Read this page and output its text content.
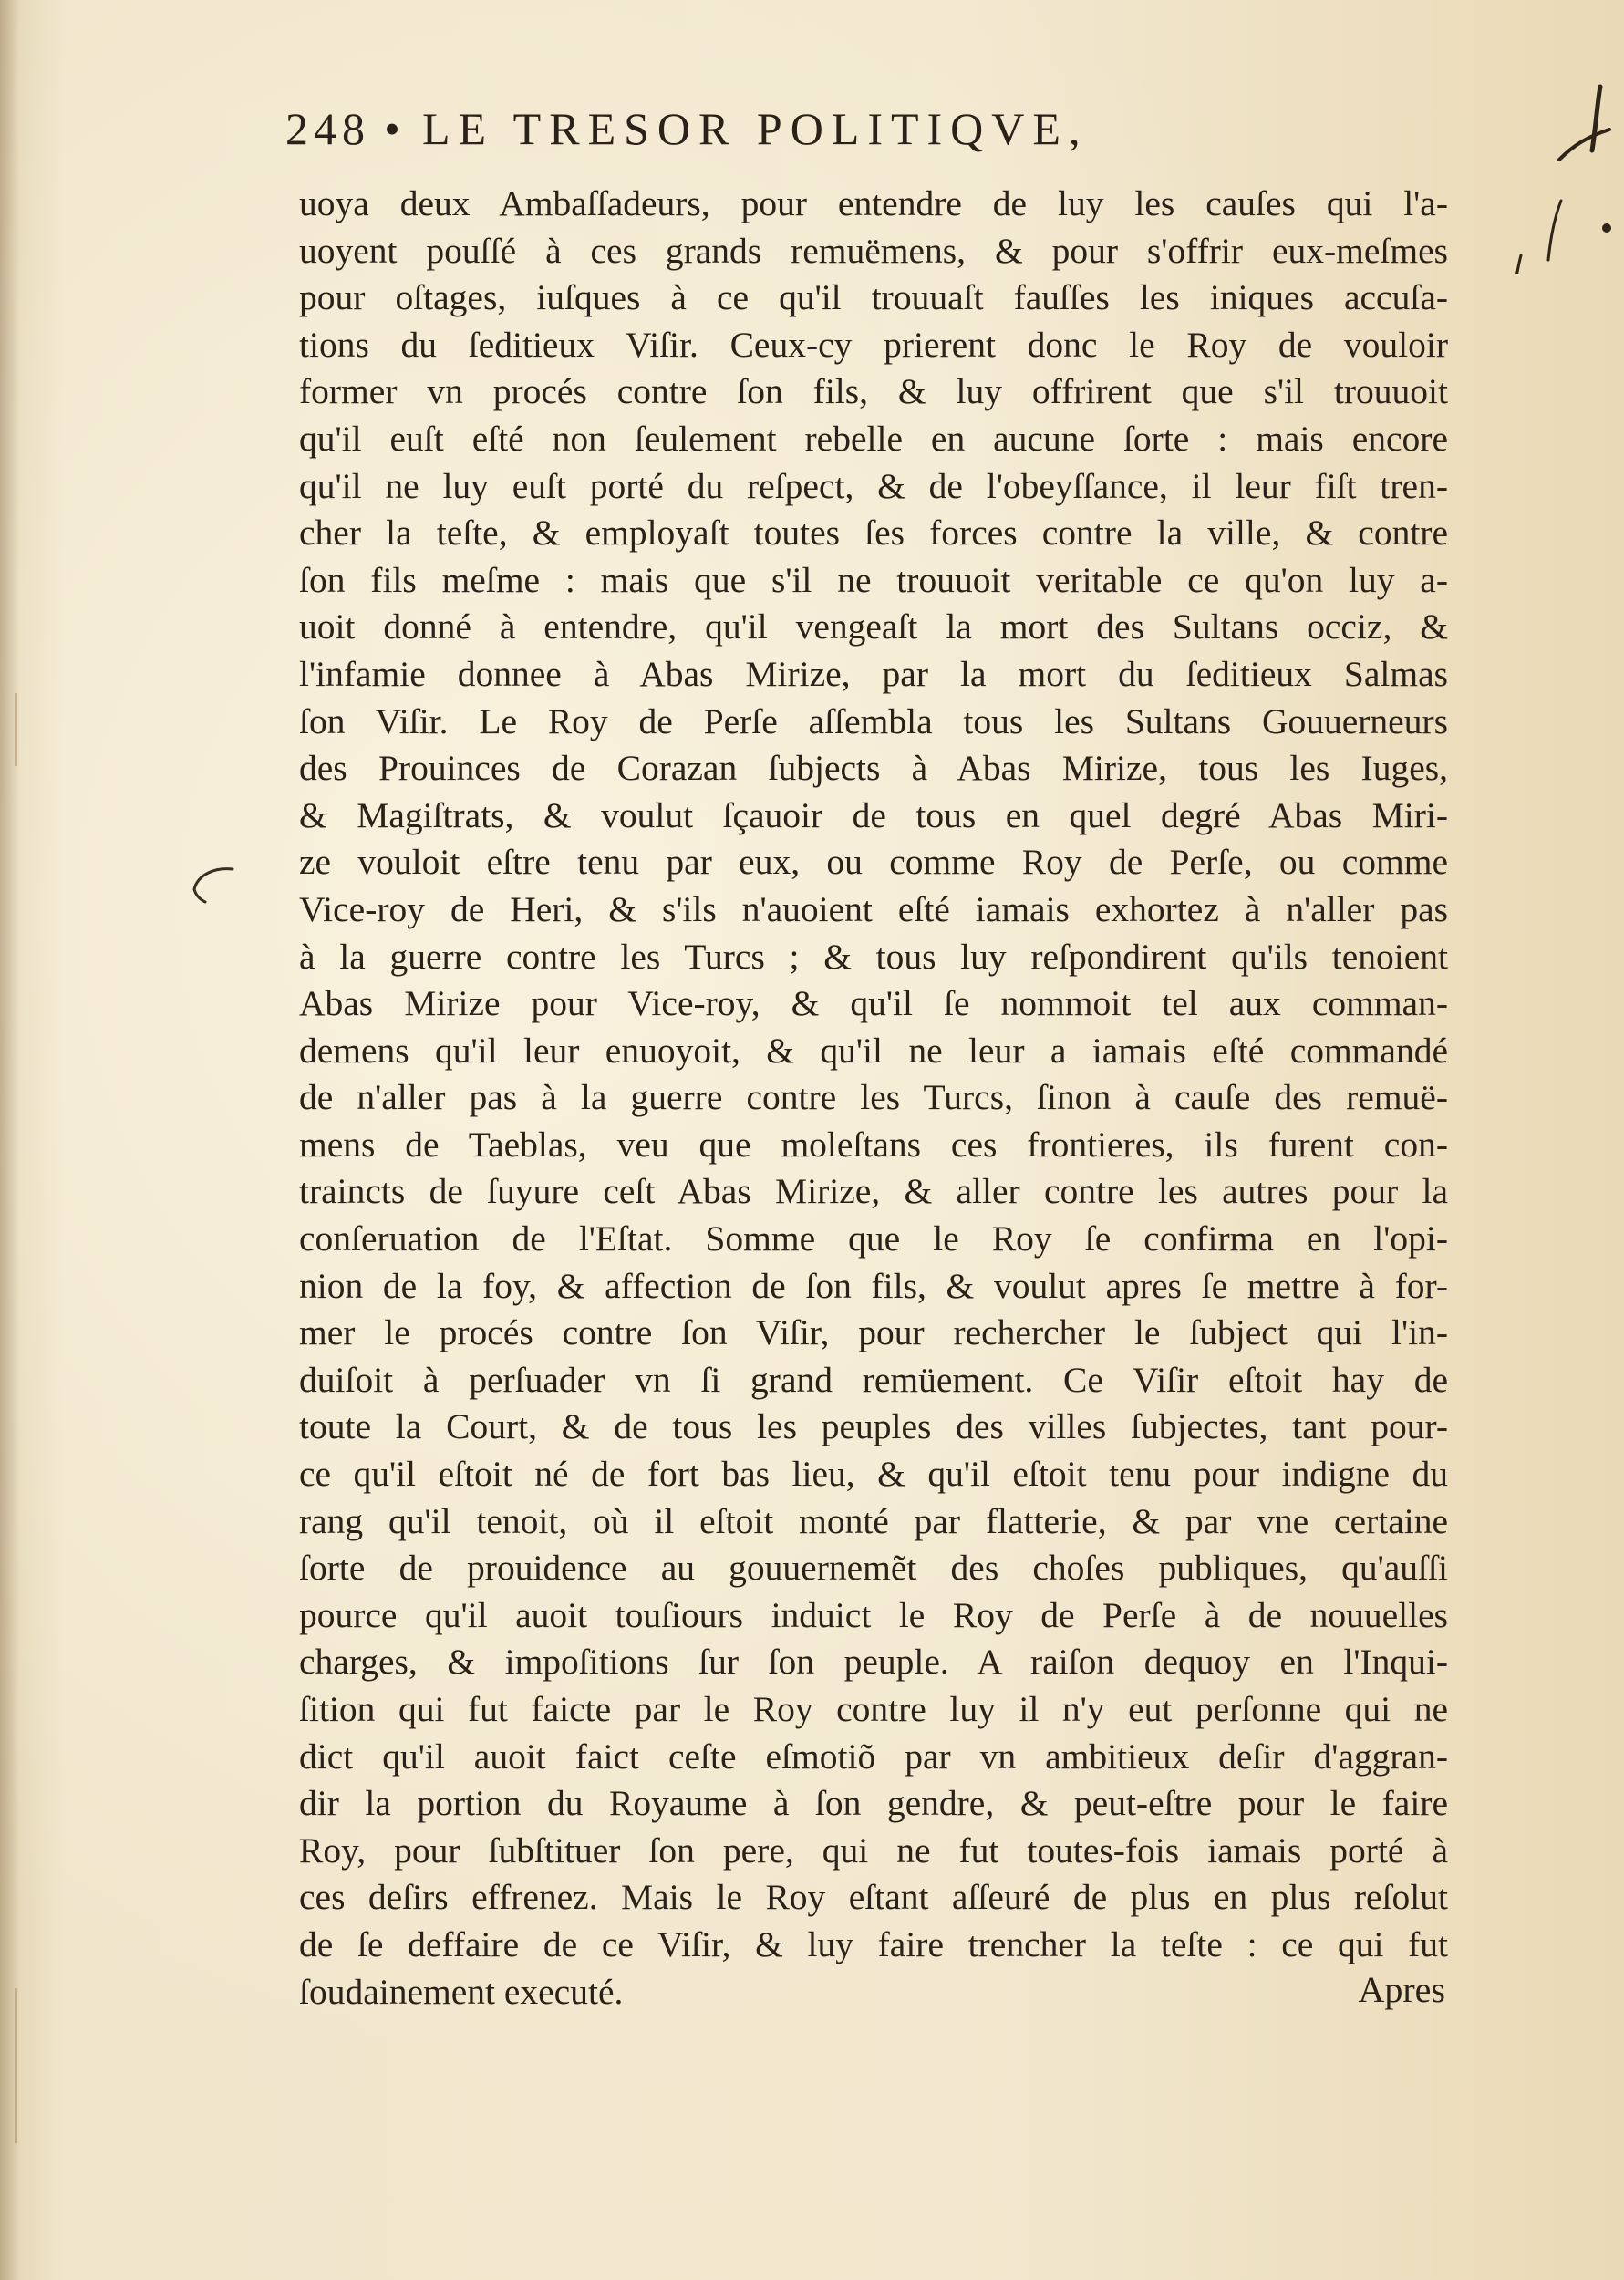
248 • LE TRESOR POLITIQVE,
uoya deux Ambaſſadeurs, pour entendre de luy les cauſes qui l'a-
uoyent pouſſé à ces grands remuëmens, & pour s'offrir eux-meſmes
pour oſtages, iuſques à ce qu'il trouuaſt fauſſes les iniques accuſa-
tions du ſeditieux Viſir. Ceux-cy prierent donc le Roy de vouloir
former vn procés contre ſon fils, & luy offrirent que s'il trouuoit
qu'il euſt eſté non ſeulement rebelle en aucune ſorte : mais encore
qu'il ne luy euſt porté du reſpect, & de l'obeyſſance, il leur fiſt tren-
cher la teſte, & employaſt toutes ſes forces contre la ville, & contre
ſon fils meſme : mais que s'il ne trouuoit veritable ce qu'on luy a-
uoit donné à entendre, qu'il vengeaſt la mort des Sultans occiz, &
l'infamie donnee à Abas Mirize, par la mort du ſeditieux Salmas
ſon Viſir. Le Roy de Perſe aſſembla tous les Sultans Gouuerneurs
des Prouinces de Corazan ſubjects à Abas Mirize, tous les Iuges,
& Magiſtrats, & voulut ſçauoir de tous en quel degré Abas Miri-
ze vouloit eſtre tenu par eux, ou comme Roy de Perſe, ou comme
Vice-roy de Heri, & s'ils n'auoient eſté iamais exhortez à n'aller pas
à la guerre contre les Turcs ; & tous luy reſpondirent qu'ils tenoient
Abas Mirize pour Vice-roy, & qu'il ſe nommoit tel aux comman-
demens qu'il leur enuoyoit, & qu'il ne leur a iamais eſté commandé
de n'aller pas à la guerre contre les Turcs, ſinon à cauſe des remuë-
mens de Taeblas, veu que moleſtans ces frontieres, ils furent con-
traincts de ſuyure ceſt Abas Mirize, & aller contre les autres pour la
conſeruation de l'Eſtat. Somme que le Roy ſe confirma en l'opi-
nion de la foy, & affection de ſon fils, & voulut apres ſe mettre à for-
mer le procés contre ſon Viſir, pour rechercher le ſubject qui l'in-
duiſoit à perſuader vn ſi grand remüement. Ce Viſir eſtoit hay de
toute la Court, & de tous les peuples des villes ſubjectes, tant pour-
ce qu'il eſtoit né de fort bas lieu, & qu'il eſtoit tenu pour indigne du
rang qu'il tenoit, où il eſtoit monté par flatterie, & par vne certaine
ſorte de prouidence au gouuernemẽt des choſes publiques, qu'auſſi
pource qu'il auoit touſiours induict le Roy de Perſe à de nouuelles
charges, & impoſitions ſur ſon peuple. A raiſon dequoy en l'Inqui-
ſition qui fut faicte par le Roy contre luy il n'y eut perſonne qui ne
dict qu'il auoit faict ceſte eſmotiõ par vn ambitieux deſir d'aggran-
dir la portion du Royaume à ſon gendre, & peut-eſtre pour le faire
Roy, pour ſubſtituer ſon pere, qui ne fut toutes-fois iamais porté à
ces deſirs effrenez. Mais le Roy eſtant aſſeuré de plus en plus reſolut
de ſe deffaire de ce Viſir, & luy faire trencher la teſte : ce qui fut
ſoudainement executé.	Apres
